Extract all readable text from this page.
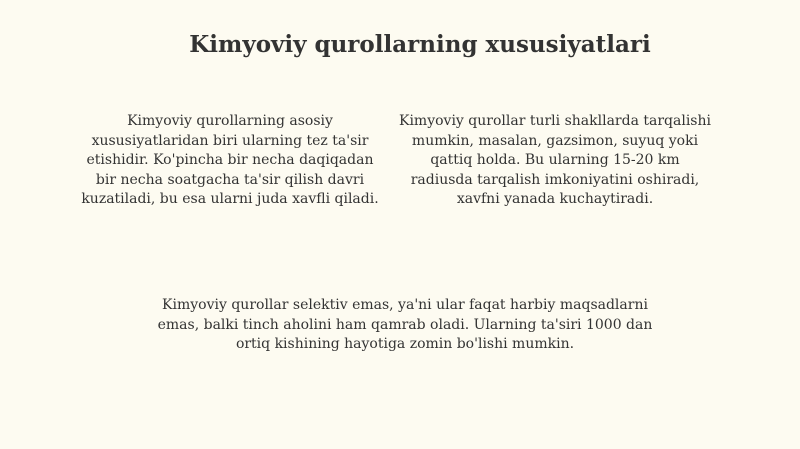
Kimyoviy qurollarning xususiyatlari

Kimyoviy qurollarning asosiy xususiyatlaridan biri ularning tez ta'sir etishidir. Ko'pincha bir necha daqiqadan bir necha soatgacha ta'sir qilish davri kuzatiladi, bu esa ularni juda xavfli qiladi.

Kimyoviy qurollar turli shakllarda tarqalishi mumkin, masalan, gazsimon, suyuq yoki qattiq holda. Bu ularning 15-20 km radiusda tarqalish imkoniyatini oshiradi, xavfni yanada kuchaytiradi.

Kimyoviy qurollar selektiv emas, ya'ni ular faqat harbiy maqsadlarni emas, balki tinch aholini ham qamrab oladi. Ularning ta'siri 1000 dan ortiq kishining hayotiga zomin bo'lishi mumkin.
